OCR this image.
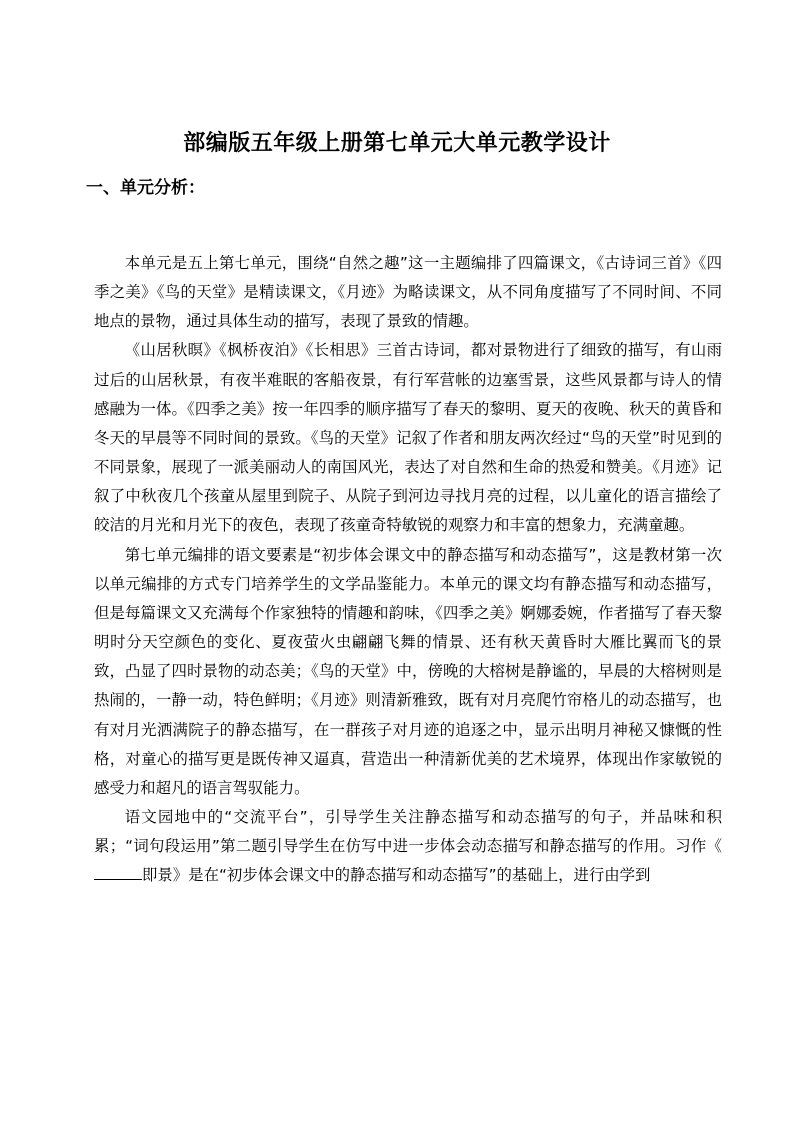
部编版五年级上册第七单元大单元教学设计
一、单元分析：

本单元是五上第七单元，围绕“自然之趣”这一主题编排了四篇课文，《古诗词三首》《四季之美》《鸟的天堂》是精读课文，《月迹》为略读课文，从不同角度描写了不同时间、不同地点的景物，通过具体生动的描写，表现了景致的情趣。

《山居秋暝》《枫桥夜泊》《长相思》三首古诗词，都对景物进行了细致的描写，有山雨过后的山居秋景，有夜半难眠的客船夜景，有行军营帐的边塞雪景，这些风景都与诗人的情感融为一体。《四季之美》按一年四季的顺序描写了春天的黎明、夏天的夜晚、秋天的黄昏和冬天的早晨等不同时间的景致。《鸟的天堂》记叙了作者和朋友两次经过“鸟的天堂”时见到的不同景象，展现了一派美丽动人的南国风光，表达了对自然和生命的热爱和赞美。《月迹》记叙了中秋夜几个孩童从屋里到院子、从院子到河边寻找月亮的过程，以儿童化的语言描绘了皎洁的月光和月光下的夜色，表现了孩童奇特敏锐的观察力和丰富的想象力，充满童趣。

第七单元编排的语文要素是“初步体会课文中的静态描写和动态描写”，这是教材第一次以单元编排的方式专门培养学生的文学品鉴能力。本单元的课文均有静态描写和动态描写，但是每篇课文又充满每个作家独特的情趣和韵味，《四季之美》婀娜委婉，作者描写了春天黎明时分天空颜色的变化、夏夜萤火虫翩翩飞舞的情景、还有秋天黄昏时大雁比翼而飞的景致，凸显了四时景物的动态美；《鸟的天堂》中，傍晚的大榕树是静谧的，早晨的大榕树则是热闹的，一静一动，特色鲜明；《月迹》则清新雅致，既有对月亮爬竹帘格儿的动态描写，也有对月光洒满院子的静态描写，在一群孩子对月迹的追逐之中，显示出明月神秘又慷慨的性格，对童心的描写更是既传神又逼真，营造出一种清新优美的艺术境界，体现出作家敏锐的感受力和超凡的语言驾驭能力。

语文园地中的“交流平台”，引导学生关注静态描写和动态描写的句子，并品味和积累；“词句段运用”第二题引导学生在仿写中进一步体会动态描写和静态描写的作用。习作《即景》是在“初步体会课文中的静态描写和动态描写”的基础上，进行由学到
